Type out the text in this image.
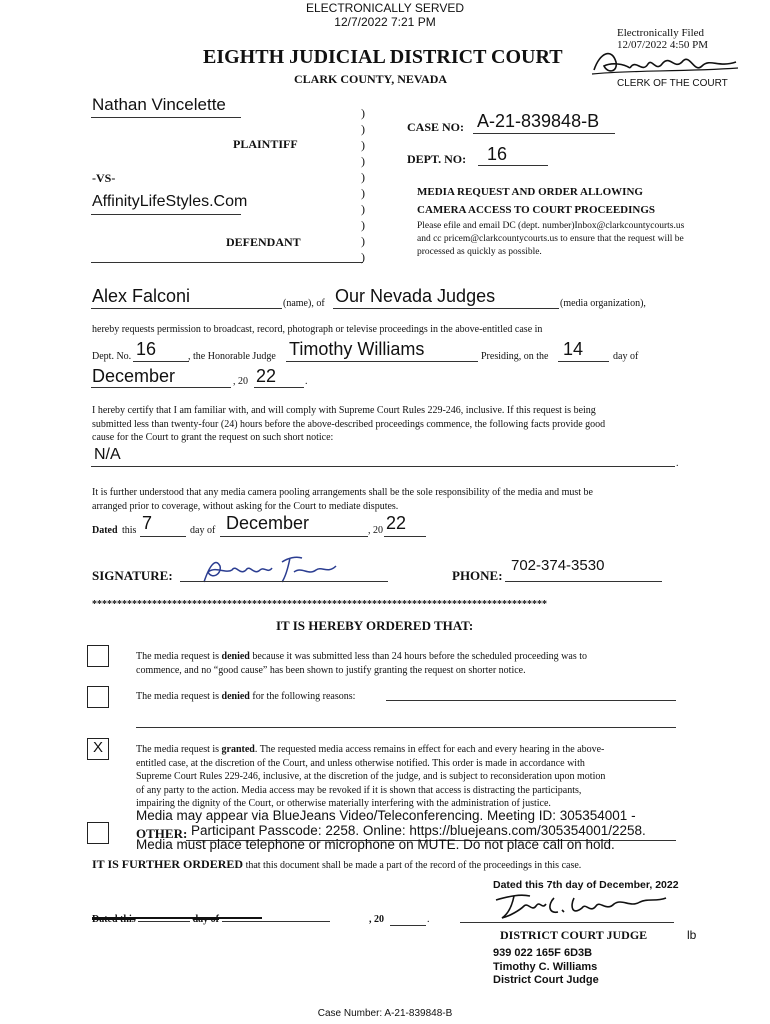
ELECTRONICALLY SERVED
12/7/2022 7:21 PM
Electronically Filed
12/07/2022 4:50 PM
CLERK OF THE COURT
EIGHTH JUDICIAL DISTRICT COURT
CLARK COUNTY, NEVADA
Nathan Vincelette
PLAINTIFF
-VS-
AffinityLifeStyles.Com
DEFENDANT
)
)
)
)
)
)
)
)
)
)
CASE NO: A-21-839848-B
DEPT. NO: 16
MEDIA REQUEST AND ORDER ALLOWING
CAMERA ACCESS TO COURT PROCEEDINGS
Please efile and email DC (dept. number)Inbox@clarkcountycourts.us
and cc pricem@clarkcountycourts.us to ensure that the request will be
processed as quickly as possible.
Alex Falconi	(name), of Our Nevada Judges	(media organization),
hereby requests permission to broadcast, record, photograph or televise proceedings in the above-entitled case in
Dept. No. 16	, the Honorable Judge Timothy Williams	Presiding, on the 14	day of
December	, 20 22	.
I hereby certify that I am familiar with, and will comply with Supreme Court Rules 229-246, inclusive. If this request is being
submitted less than twenty-four (24) hours before the above-described proceedings commence, the following facts provide good
cause for the Court to grant the request on such short notice:
N/A
.
It is further understood that any media camera pooling arrangements shall be the sole responsibility of the media and must be
arranged prior to coverage, without asking for the Court to mediate disputes.
Dated this 7	day of December	, 20 22
SIGNATURE:	PHONE:
702-374-3530
*******************************************************************************************
IT IS HEREBY ORDERED THAT:
The media request is denied because it was submitted less than 24 hours before the scheduled proceeding was to
commence, and no “good cause” has been shown to justify granting the request on shorter notice.
The media request is denied for the following reasons:
X	The media request is granted. The requested media access remains in effect for each and every hearing in the above-
entitled case, at the discretion of the Court, and unless otherwise notified. This order is made in accordance with
Supreme Court Rules 229-246, inclusive, at the discretion of the judge, and is subject to reconsideration upon motion
of any party to the action. Media access may be revoked if it is shown that access is distracting the participants,
impairing the dignity of the Court, or otherwise materially interfering with the administration of justice.
Media may appear via BlueJeans Video/Teleconferencing. Meeting ID: 305354001 -
OTHER: Participant Passcode: 2258. Online: https://bluejeans.com/305354001/2258.
Media must place telephone or microphone on MUTE. Do not place call on hold.
IT IS FURTHER ORDERED that this document shall be made a part of the record of the proceedings in this case.
Dated this 7th day of December, 2022
Dated this	day of	, 20	.
DISTRICT COURT JUDGE	lb
939 022 165F 6D3B
Timothy C. Williams
District Court Judge
Case Number: A-21-839848-B
